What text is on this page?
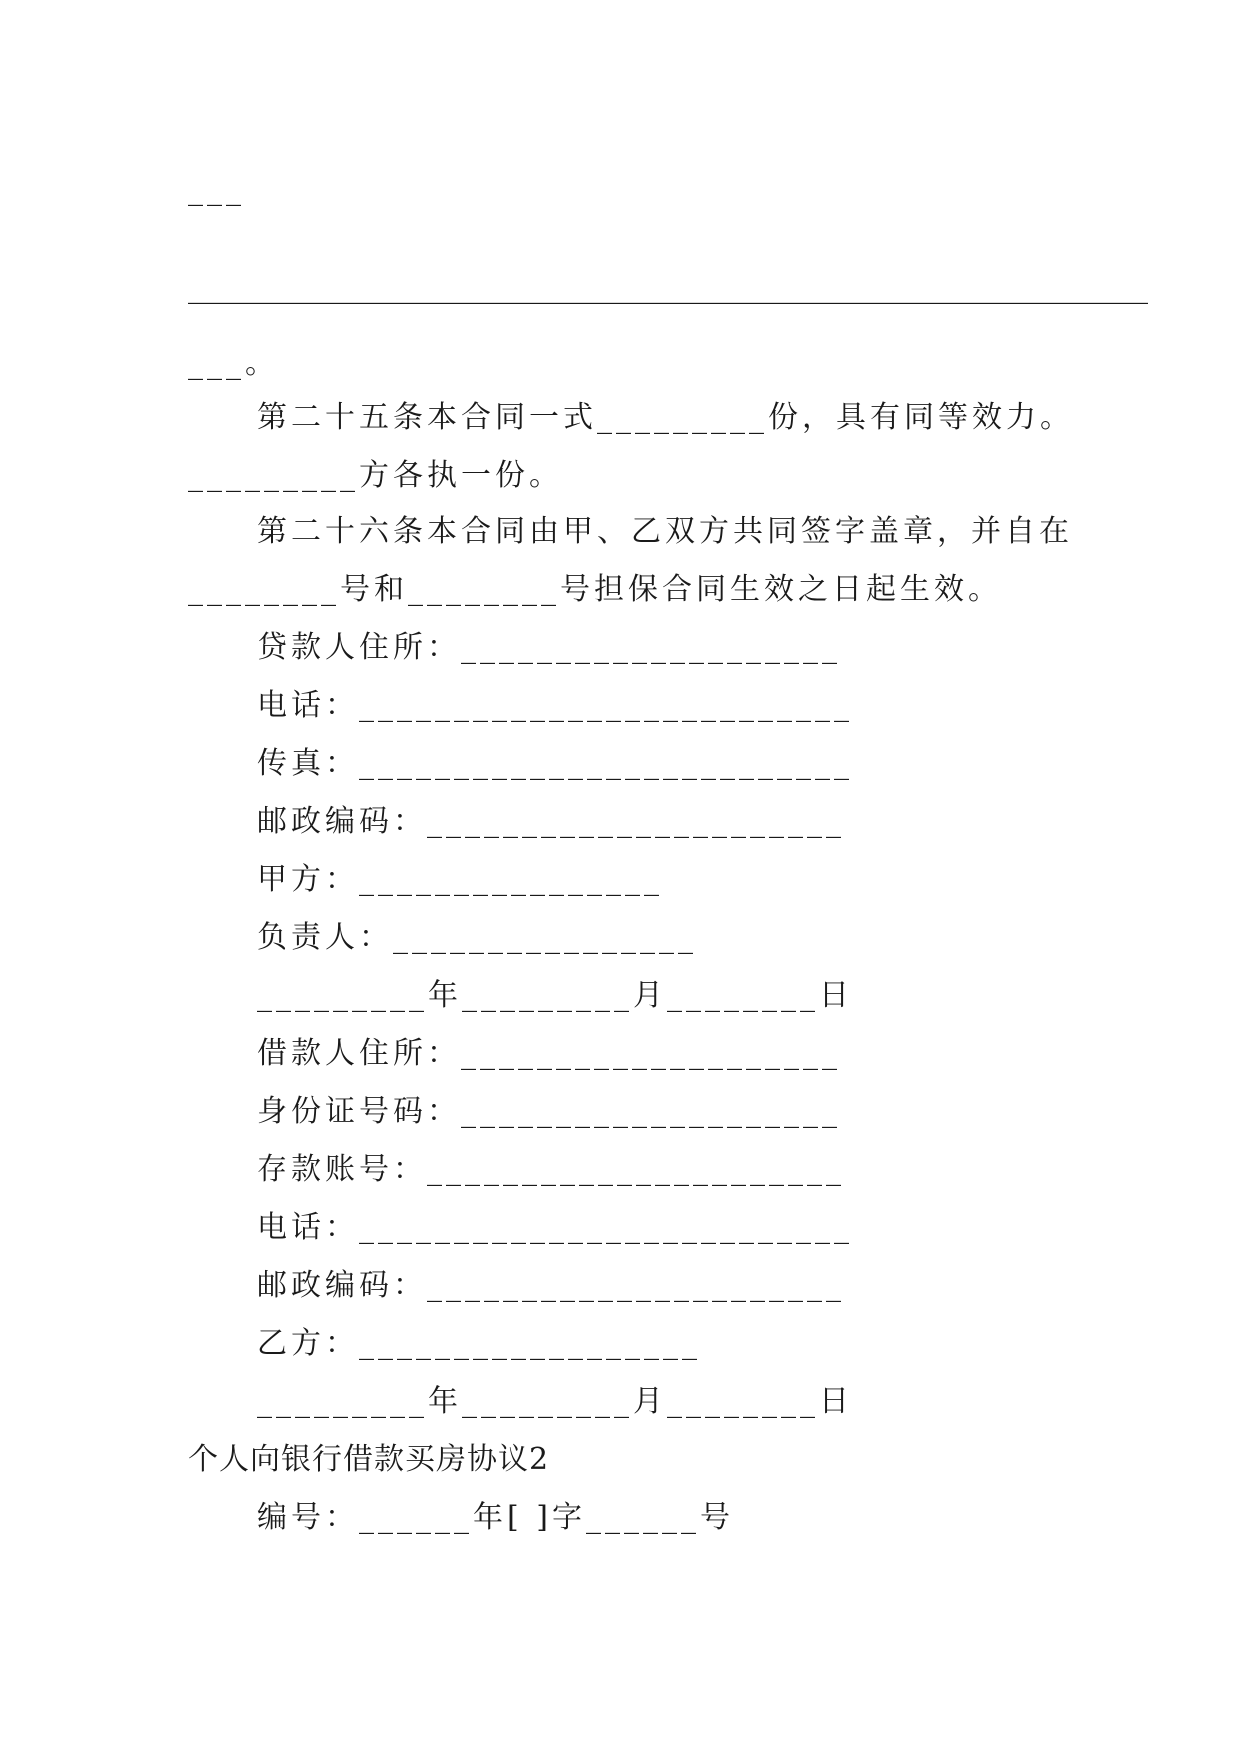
___
________________________________________________________________
___。
第二十五条本合同一式_________份，具有同等效力。
_________方各执一份。
第二十六条本合同由甲、乙双方共同签字盖章，并自在
________号和________号担保合同生效之日起生效。
贷款人住所：____________________
电话：__________________________
传真：__________________________
邮政编码：______________________
甲方：________________
负责人：________________
_________年_________月________日
借款人住所：____________________
身份证号码：____________________
存款账号：______________________
电话：__________________________
邮政编码：______________________
乙方：__________________
_________年_________月________日
个人向银行借款买房协议2
编号：______年[ ]字______号
